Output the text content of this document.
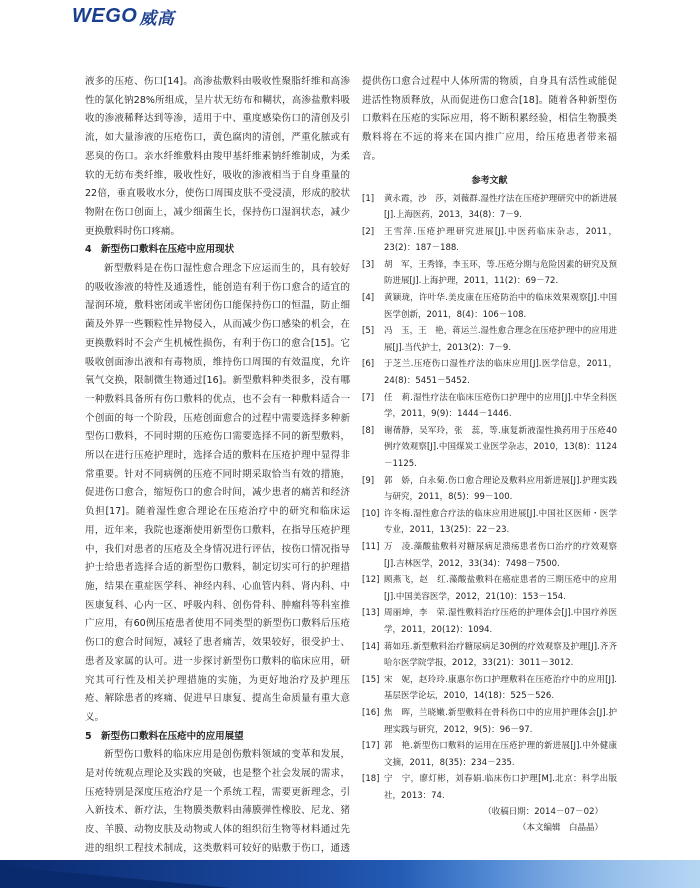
WEGO 威高

液多的压疮、伤口[14]。高渗盐敷料由吸收性聚脂纤维和高渗性的氯化钠28%所组成，呈片状无纺布和糊状，高渗盐敷料吸收的渗液稀释达到等渗，适用于中、重度感染伤口的清创及引流，如大量渗液的压疮伤口，黄色腐肉的清创，严重化脓或有恶臭的伤口。亲水纤维敷料由羧甲基纤维素钠纤维制成，为柔软的无纺布类纤维，吸收性好，吸收的渗液相当于自身重量的22倍，垂直吸收水分，使伤口周围皮肤不受浸渍，形成的胶状物附在伤口创面上，减少细菌生长，保持伤口湿润状态，减少更换敷料时伤口疼痛。

4　新型伤口敷料在压疮中应用现状

新型敷料是在伤口湿性愈合理念下应运而生的，具有较好的吸收渗液的特性及通透性，能创造有利于伤口愈合的适宜的湿润环境，敷料密闭或半密闭伤口能保持伤口的恒温，防止细菌及外界一些颗粒性异物侵入，从而减少伤口感染的机会，在更换敷料时不会产生机械性损伤，有利于伤口的愈合[15]。它吸收创面渗出液和有毒物质，维持伤口周围的有效温度，允许氧气交换，限制微生物通过[16]。新型敷料种类很多，没有哪一种敷料具备所有伤口敷料的优点，也不会有一种敷料适合一个创面的每一个阶段，压疮创面愈合的过程中需要选择多种新型伤口敷料，不同时期的压疮伤口需要选择不同的新型敷料，所以在进行压疮护理时，选择合适的敷料在压疮护理中显得非常重要。针对不同病例的压疮不同时期采取恰当有效的措施，促进伤口愈合，缩短伤口的愈合时间，减少患者的痛苦和经济负担[17]。随着湿性愈合理论在压疮治疗中的研究和临床运用，近年来，我院也逐渐使用新型伤口敷料，在指导压疮护理中，我们对患者的压疮及全身情况进行评估，按伤口情况指导护士给患者选择合适的新型伤口敷料，制定切实可行的护理措施，结果在重症医学科、神经内科、心血管内科、肾内科、中医康复科、心内一区、呼吸内科、创伤骨科、肿瘤科等科室推广应用，有60例压疮患者使用不同类型的新型伤口敷料后压疮伤口的愈合时间短，减轻了患者痛苦，效果较好，很受护士、患者及家属的认可。进一步探讨新型伤口敷料的临床应用，研究其可行性及相关护理措施的实施，为更好地治疗及护理压疮、解除患者的疼痛、促进早日康复、提高生命质量有重大意义。

5　新型伤口敷料在压疮中的应用展望

新型伤口敷料的临床应用是创伤敷料领域的变革和发展，是对传统观点理论及实践的突破，也是整个社会发展的需求，压疮特别是深度压疮治疗是一个系统工程，需要更新理念，引入新技术、新疗法，生物膜类敷料由薄膜弹性橡胶、尼龙、猪皮、羊膜、动物皮肤及动物或人体的组织衍生物等材料通过先进的组织工程技术制成，这类敷料可较好的贴敷于伤口，通透

提供伤口愈合过程中人体所需的物质，自身具有活性或能促进活性物质释放，从而促进伤口愈合[18]。随着各种新型伤口敷料在压疮的实际应用，将不断积累经验，相信生物膜类敷料将在不远的将来在国内推广应用，给压疮患者带来福音。

参考文献
[1]	黄永霞，沙　莎，刘薇群.湿性疗法在压疮护理研究中的新进展[J].上海医药，2013，34(8)：7－9.
[2]	王雪萍.压疮护理研究进展[J].中医药临床杂志，2011，23(2)：187－188.
[3]	胡　军，王秀锋，李玉环，等.压疮分期与危险因素的研究及预防进展[J].上海护理，2011，11(2)：69－72.
[4]	黄颖珑，许叶华.美皮康在压疮防治中的临床效果观察[J].中国医学创新，2011，8(4)：106－108.
[5]	冯　玉，王　艳，蒋运兰.湿性愈合理念在压疮护理中的应用进展[J].当代护士，2013(2)：7－9.
[6]	于芝兰.压疮伤口湿性疗法的临床应用[J].医学信息，2011，24(8)：5451－5452.
[7]	任　莉.湿性疗法在临床压疮伤口护理中的应用[J].中华全科医学，2011，9(9)：1444－1446.
[8]	谢蒨静，吴军玲，张　蕊，等.康复新液湿性换药用于压疮40例疗效观察[J].中国煤炭工业医学杂志，2010，13(8)：1124－1125.
[9]	郭　娇，白永菊.伤口愈合理论及敷料应用新进展[J].护理实践与研究，2011，8(5)：99－100.
[10] 许冬梅.湿性愈合疗法的临床应用进展[J].中国社区医师・医学专业，2011，13(25)：22－23.
[11] 万　凌.藻酸盐敷料对糖尿病足溃疡患者伤口治疗的疗效观察[J].吉林医学，2012，33(34)：7498－7500.
[12] 顾燕飞，赵　红.藻酸盐敷料在癌症患者的三期压疮中的应用[J].中国美容医学，2012，21(10)：153－154.
[13] 周丽坤，李　荣.湿性敷料治疗压疮的护理体会[J].中国疗养医学，2011，20(12)：1094.
[14] 蒋如珏.新型敷料治疗糖尿病足30例的疗效观察及护理[J].齐齐哈尔医学院学报，2012，33(21)：3011－3012.
[15] 宋　妮，赵玲玲.康惠尔伤口护理敷料在压疮治疗中的应用[J].基层医学论坛，2010，14(18)：525－526.
[16] 焦　晖，兰晓嫩.新型敷料在骨科伤口中的应用护理体会[J].护理实践与研究，2012，9(5)：96－97.
[17] 郭　艳.新型伤口敷料的运用在压疮护理的新进展[J].中外健康文摘，2011，8(35)：234－235.
[18] 宁　宁，廖灯彬，刘春娟.临床伤口护理[M].北京：科学出版社，2013：74.
（收稿日期：2014－07－02）
（本文编辑　白晶晶）
